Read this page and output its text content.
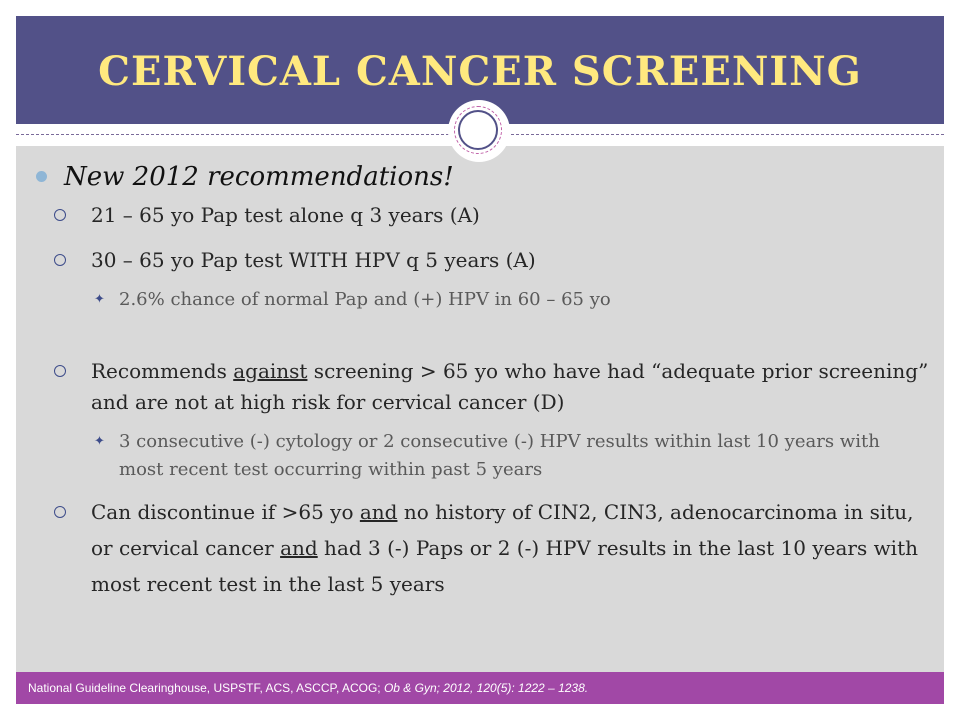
CERVICAL CANCER SCREENING
New 2012 recommendations!
21 – 65 yo Pap test alone q 3 years (A)
30 – 65 yo Pap test WITH HPV q 5 years (A)
✦ 2.6% chance of normal Pap and (+) HPV in 60 – 65 yo
Recommends against screening > 65 yo who have had “adequate prior screening” and are not at high risk for cervical cancer (D)
✦ 3 consecutive (-) cytology or 2 consecutive (-) HPV results within last 10 years with most recent test occurring within past 5 years
Can discontinue if >65 yo and no history of CIN2, CIN3, adenocarcinoma in situ, or cervical cancer and had 3 (-) Paps or 2 (-) HPV results in the last 10 years with most recent test in the last 5 years
National Guideline Clearinghouse, USPSTF, ACS, ASCCP, ACOG; Ob & Gyn; 2012, 120(5): 1222 – 1238.
